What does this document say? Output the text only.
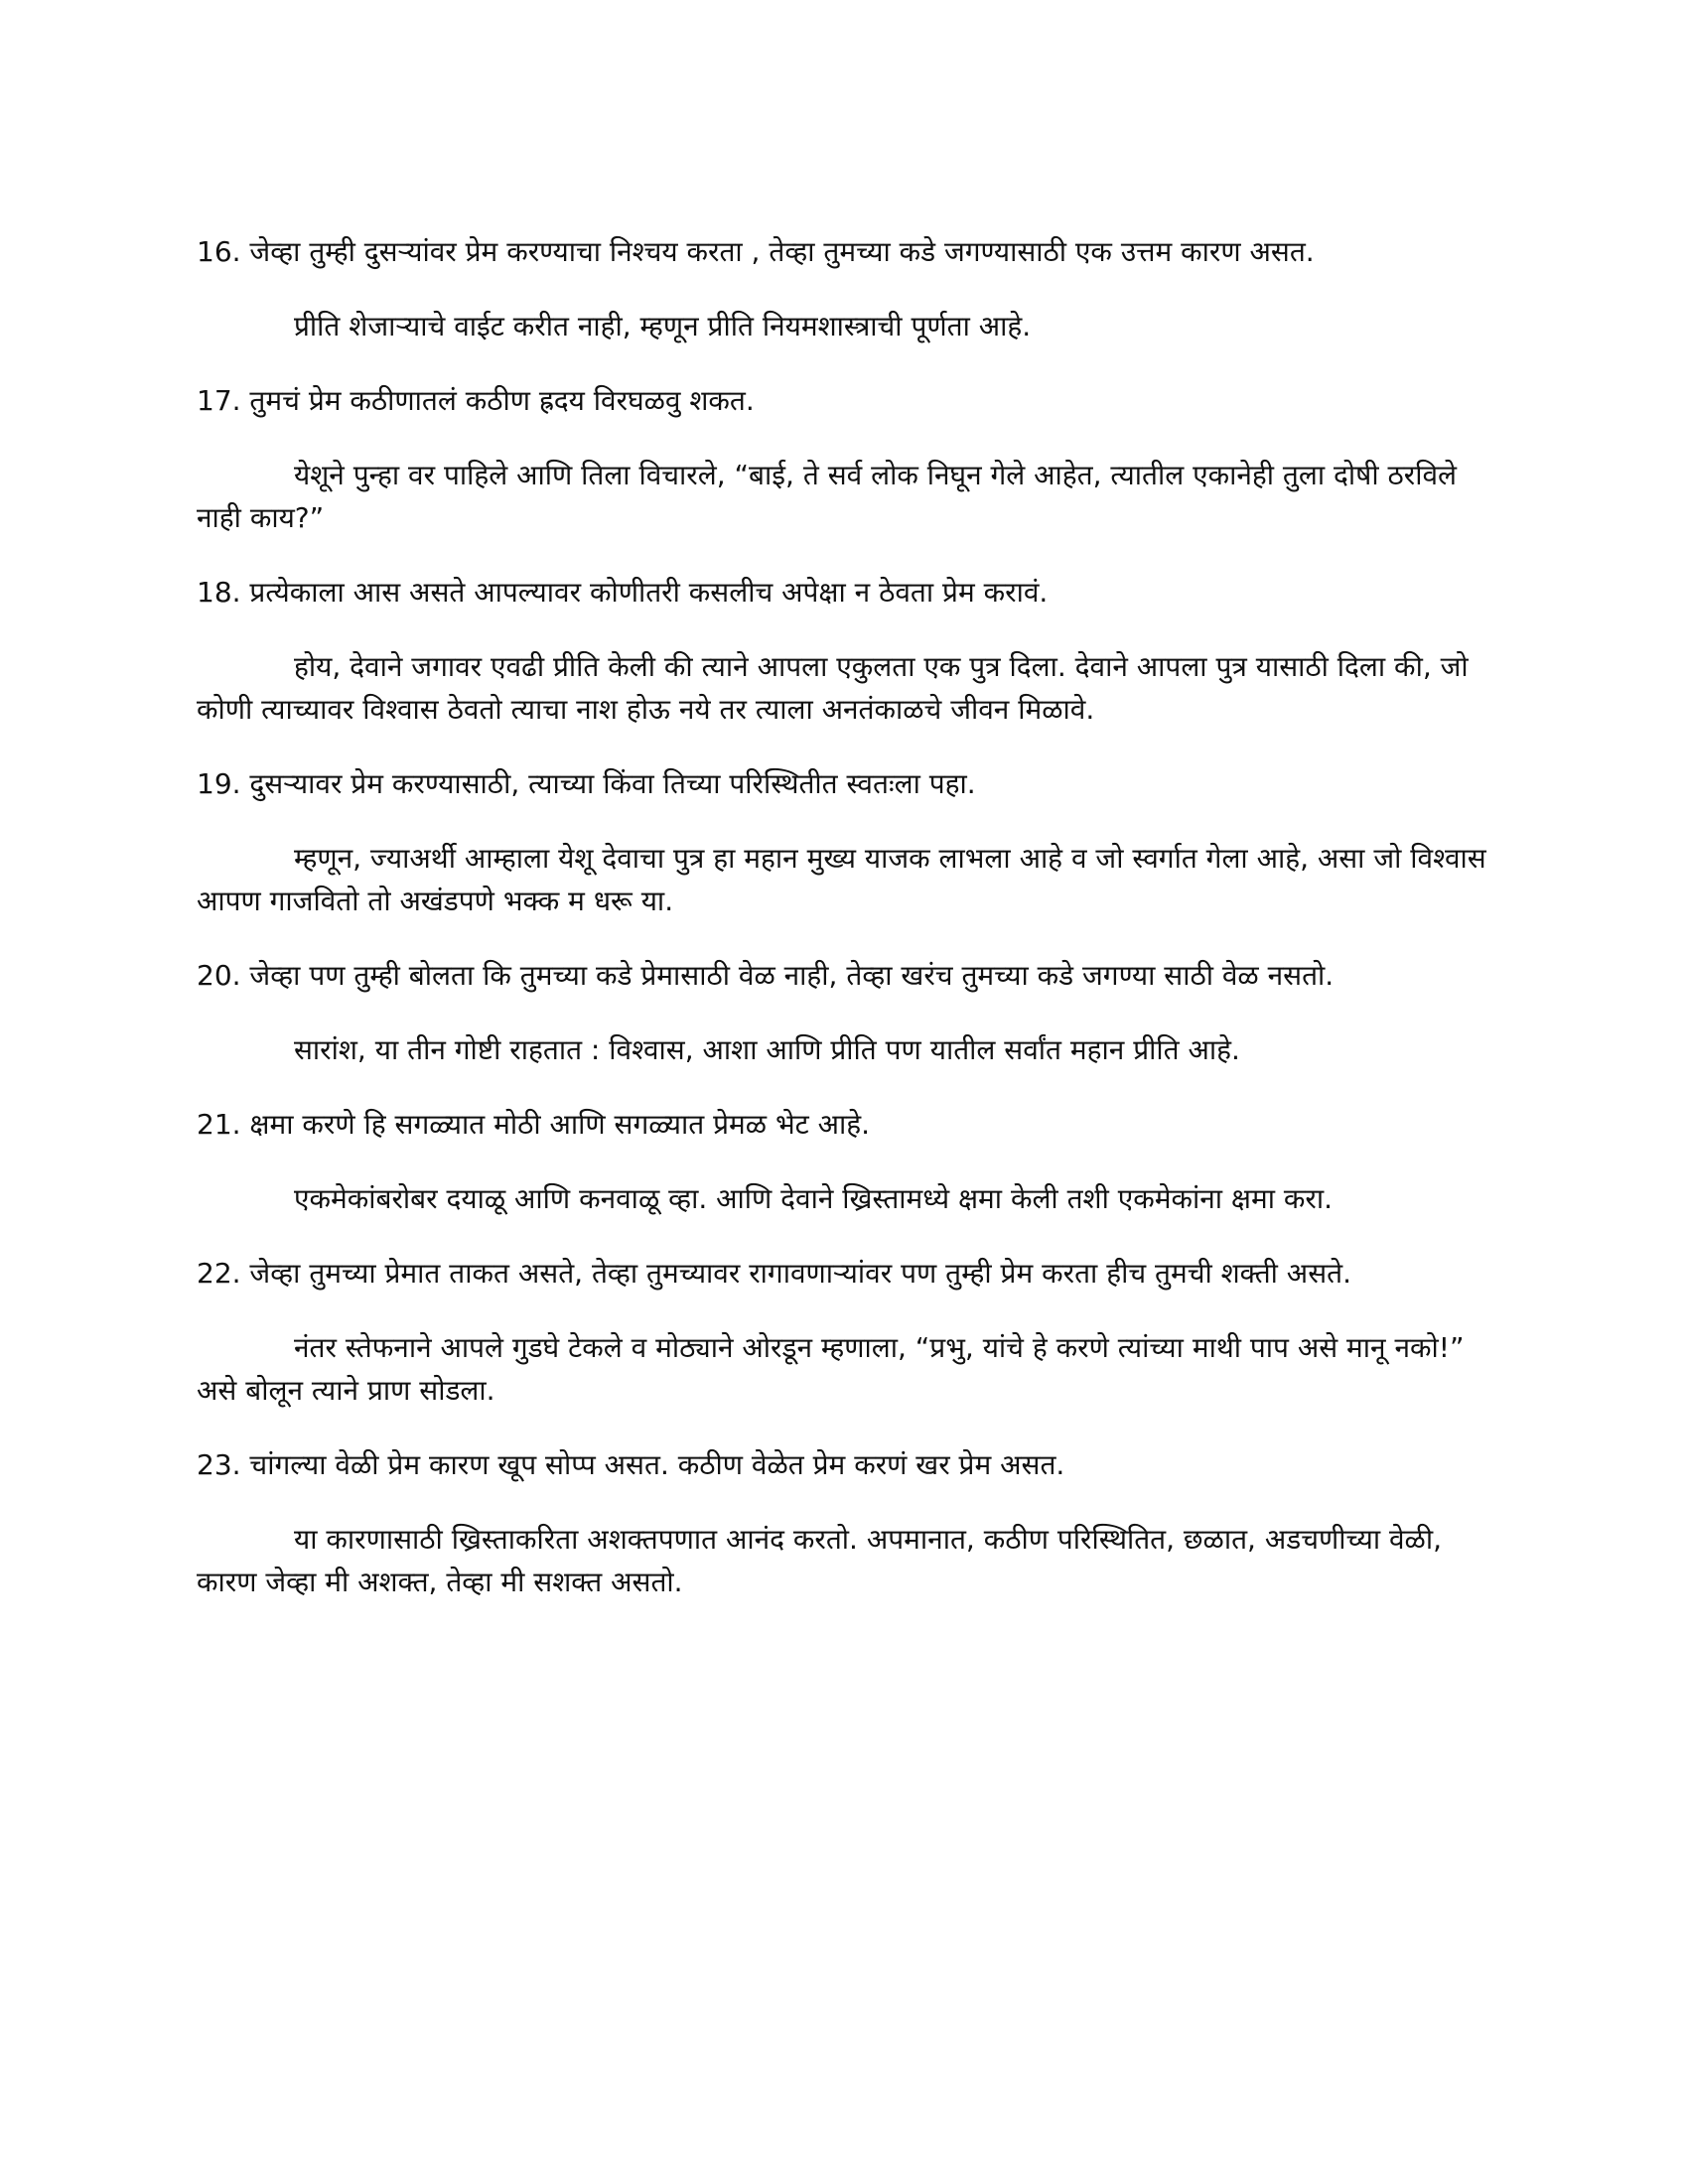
16. जेव्हा तुम्ही दुसऱ्यांवर प्रेम करण्याचा निश्चय करता , तेव्हा तुमच्या कडे जगण्यासाठी एक उत्तम कारण असत.

प्रीति शेजाऱ्याचे वाईट करीत नाही, म्हणून प्रीति नियमशास्त्राची पूर्णता आहे.

17. तुमचं प्रेम कठीणातलं कठीण ह्रदय विरघळवु शकत.

येशूने पुन्हा वर पाहिले आणि तिला विचारले, “बाई, ते सर्व लोक निघून गेले आहेत, त्यातील एकानेही तुला दोषी ठरविले नाही काय?”

18. प्रत्येकाला आस असते आपल्यावर कोणीतरी कसलीच अपेक्षा न ठेवता प्रेम करावं.

होय, देवाने जगावर एवढी प्रीति केली की त्याने आपला एकुलता एक पुत्र दिला. देवाने आपला पुत्र यासाठी दिला की, जो कोणी त्याच्यावर विश्वास ठेवतो त्याचा नाश होऊ नये तर त्याला अनतंकाळचे जीवन मिळावे.

19. दुसऱ्यावर प्रेम करण्यासाठी, त्याच्या किंवा तिच्या परिस्थितीत स्वतःला पहा.

म्हणून, ज्याअर्थी आम्हाला येशू देवाचा पुत्र हा महान मुख्य याजक लाभला आहे व जो स्वर्गात गेला आहे, असा जो विश्वास आपण गाजवितो तो अखंडपणे भक्क म धरू या.

20. जेव्हा पण तुम्ही बोलता कि तुमच्या कडे प्रेमासाठी वेळ नाही, तेव्हा खरंच तुमच्या कडे जगण्या साठी वेळ नसतो.

सारांश, या तीन गोष्टी राहतात : विश्वास, आशा आणि प्रीति पण यातील सर्वांत महान प्रीति आहे.

21. क्षमा करणे हि सगळ्यात मोठी आणि सगळ्यात प्रेमळ भेट आहे.

एकमेकांबरोबर दयाळू आणि कनवाळू व्हा. आणि देवाने ख्रिस्तामध्ये क्षमा केली तशी एकमेकांना क्षमा करा.

22. जेव्हा तुमच्या प्रेमात ताकत असते, तेव्हा तुमच्यावर रागावणाऱ्यांवर पण तुम्ही प्रेम करता हीच तुमची शक्ती असते.

नंतर स्तेफनाने आपले गुडघे टेकले व मोठ्याने ओरडून म्हणाला, “प्रभु, यांचे हे करणे त्यांच्या माथी पाप असे मानू नको!” असे बोलून त्याने प्राण सोडला.

23. चांगल्या वेळी प्रेम कारण खूप सोप्प असत. कठीण वेळेत प्रेम करणं खर प्रेम असत.

या कारणासाठी ख्रिस्ताकरिता अशक्तपणात आनंद करतो. अपमानात, कठीण परिस्थितित, छळात, अडचणीच्या वेळी, कारण जेव्हा मी अशक्त, तेव्हा मी सशक्त असतो.
